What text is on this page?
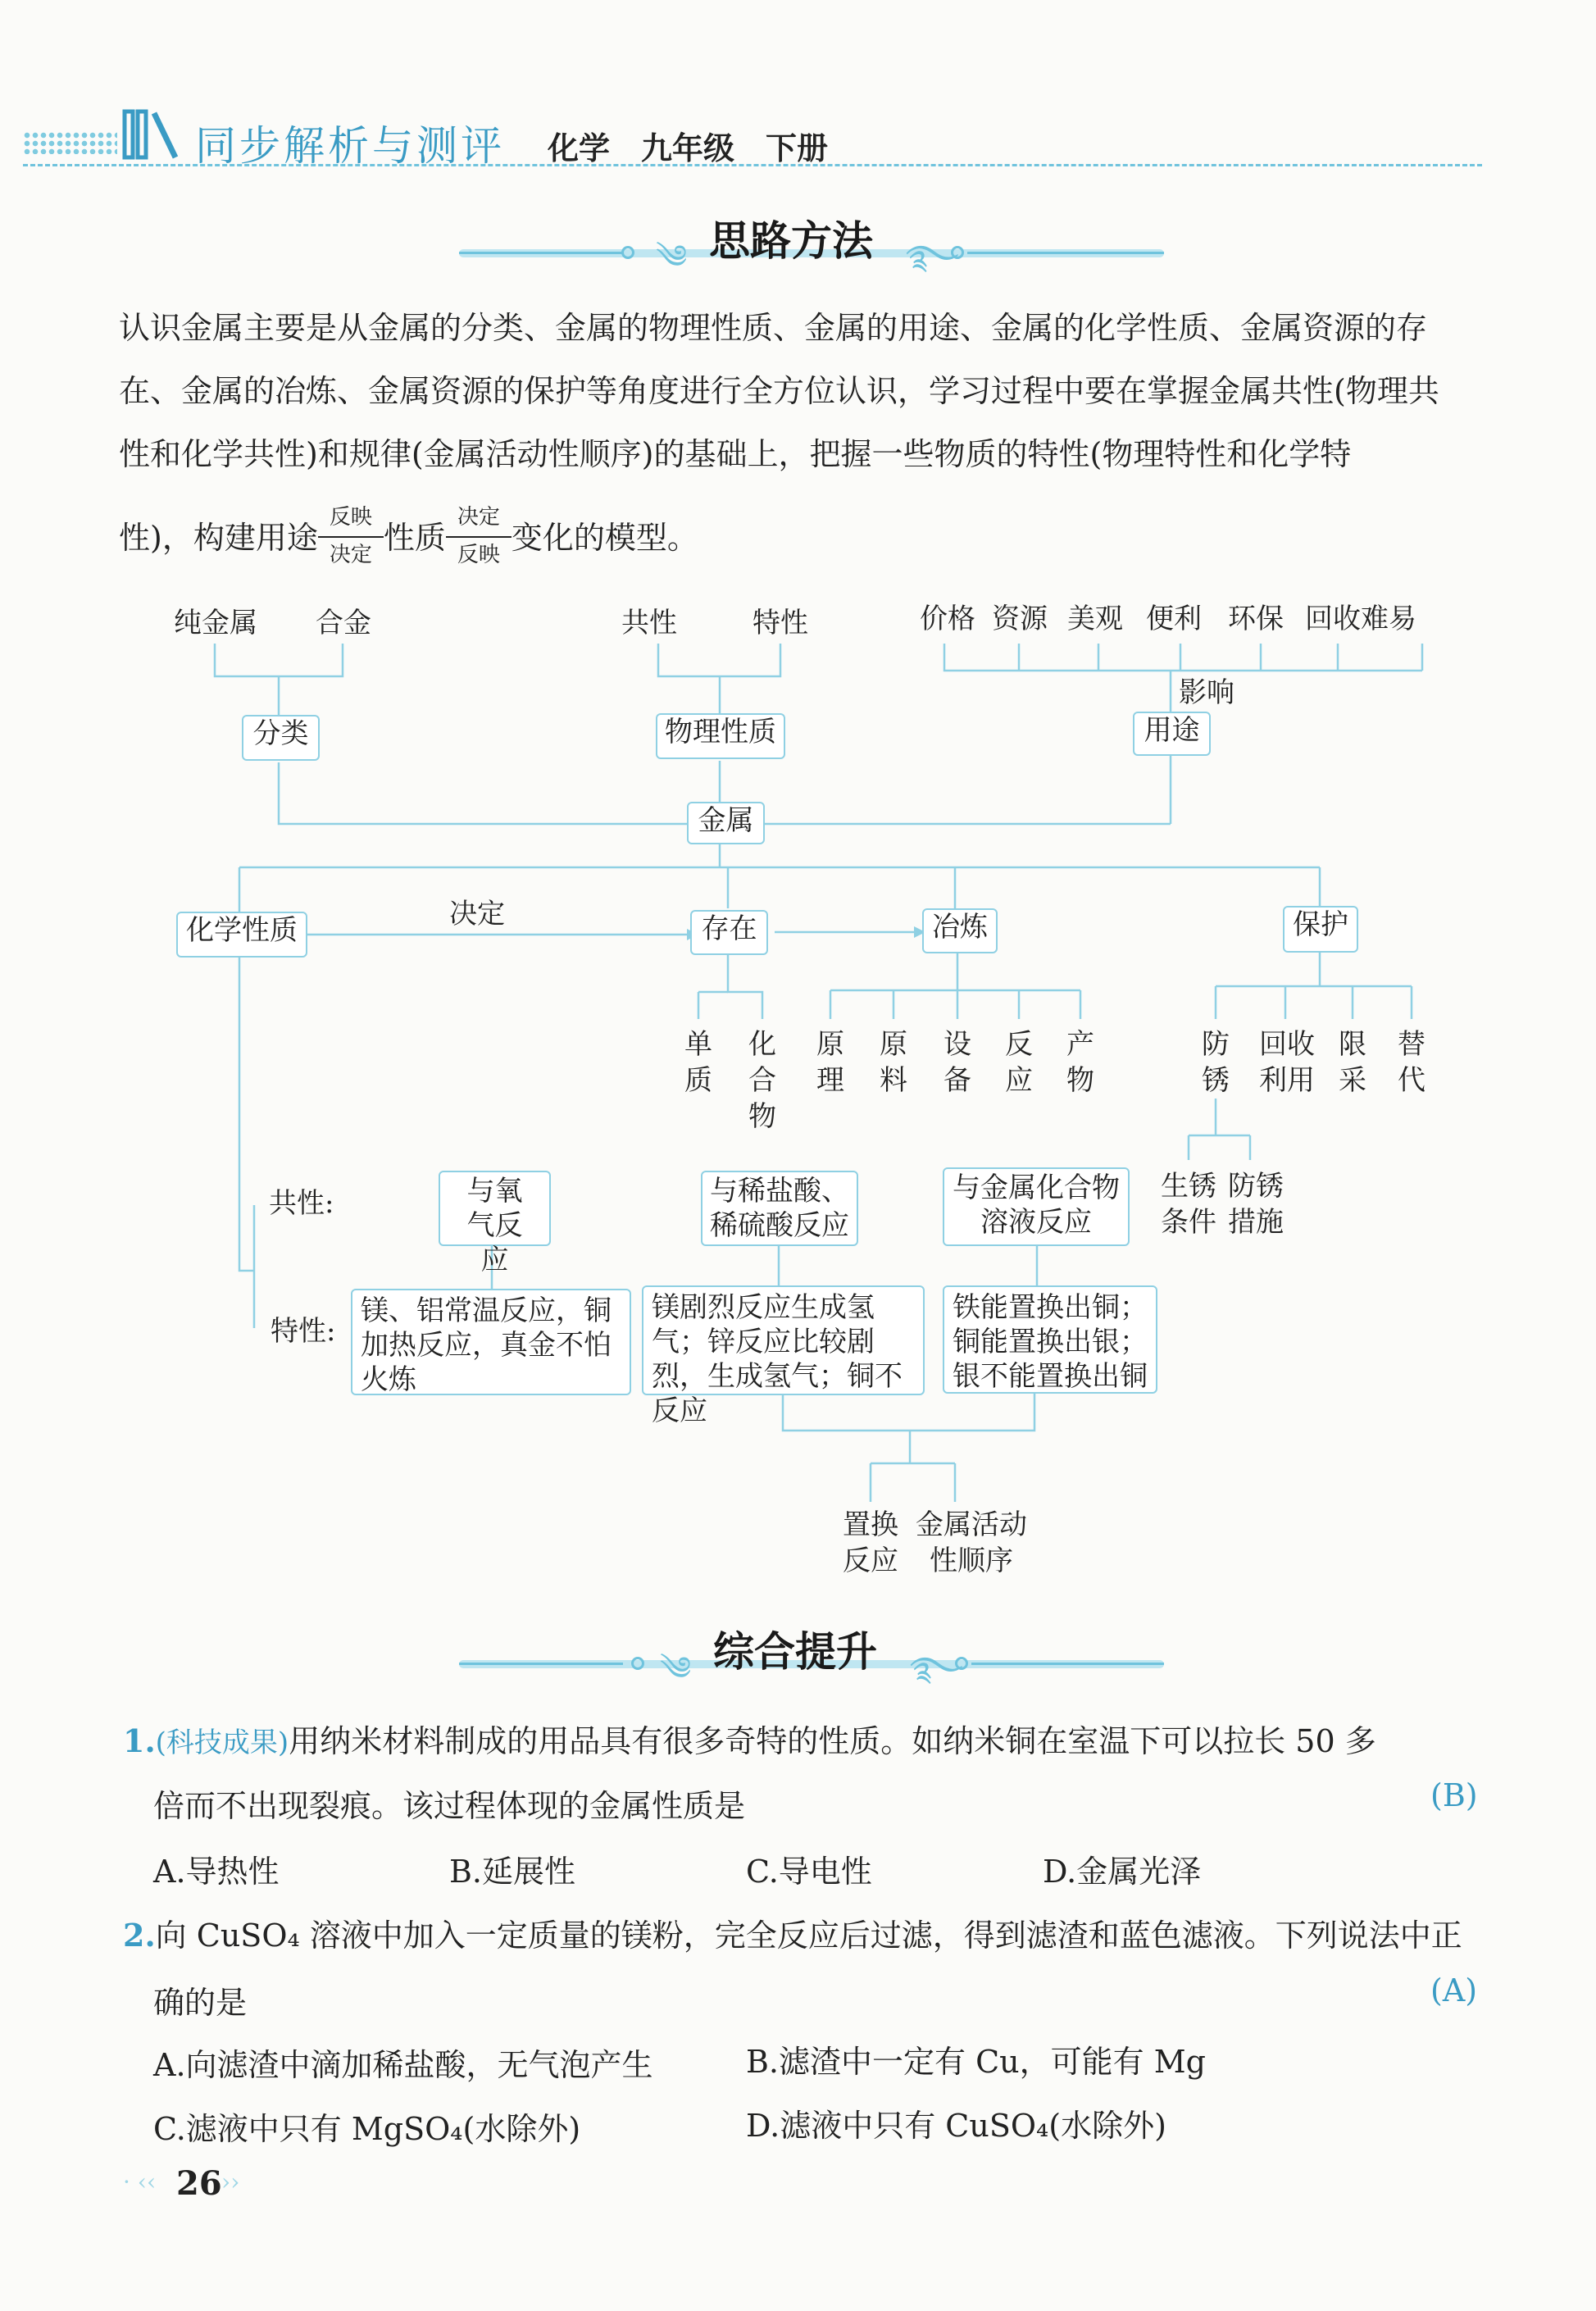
同步解析与测评 化学　九年级　下册
༄ 思路方法 ࿐
认识金属主要是从金属的分类、金属的物理性质、金属的用途、金属的化学性质、金属资源的存
在、金属的冶炼、金属资源的保护等角度进行全方位认识，学习过程中要在掌握金属共性(物理共
性和化学共性)和规律(金属活动性顺序)的基础上，把握一些物质的特性(物理特性和化学特
性)，构建用途 $\frac{\text{反映}}{\text{决定}}$ 性质 $\frac{\text{决定}}{\text{反映}}$ 变化的模型。
纯金属 合金	共性	特性	价格 资源 美观 便利 环保 回收难易
影响
分类	物理性质	用途
金属
化学性质	决定	存在	冶炼	保护
单质
化合物
原理
原料
设备
反应
产物
防锈
回收利用
限采
替代
生锈条件
防锈措施
共性:
特性:
与氧气反应
与稀盐酸、稀硫酸反应
与金属化合物溶液反应
镁、铝常温反应，铜加热反应，真金不怕火炼
镁剧烈反应生成氢气；锌反应比较剧烈，生成氢气；铜不反应
铁能置换出铜；铜能置换出银；银不能置换出铜
置换反应
金属活动性顺序
༄ 综合提升 ࿐
1.(科技成果)用纳米材料制成的用品具有很多奇特的性质。如纳米铜在室温下可以拉长 50 多
倍而不出现裂痕。该过程体现的金属性质是	(B)
A.导热性	B.延展性	C.导电性	D.金属光泽
2.向 CuSO₄ 溶液中加入一定质量的镁粉，完全反应后过滤，得到滤渣和蓝色滤液。下列说法中正
确的是	(A)
A.向滤渣中滴加稀盐酸，无气泡产生	B.滤渣中一定有 Cu，可能有 Mg
C.滤液中只有 MgSO₄(水除外)	D.滤液中只有 CuSO₄(水除外)
· ‹‹ 26 ››
